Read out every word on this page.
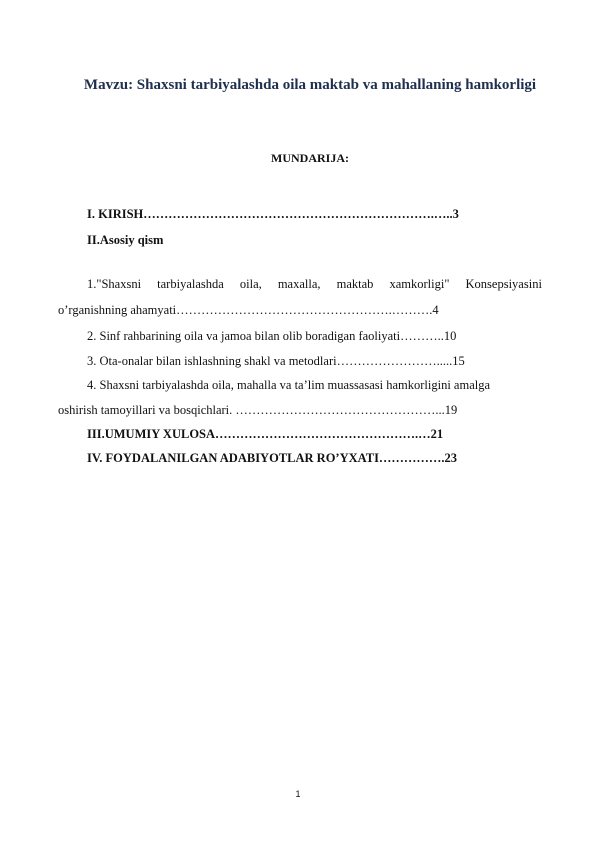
Mavzu: Shaxsni tarbiyalashda oila maktab va mahallaning hamkorligi
MUNDARIJA:
I. KIRISH…………………………………………………………….…..3
II.Asosiy qism
1."Shaxsni tarbiyalashda oila, maxalla, maktab xamkorligi" Konsepsiyasini
o’rganishning ahamyati…………………………………………….……….4
2. Sinf rahbarining oila va jamoa bilan olib boradigan faoliyati………..10
3. Ota-onalar bilan ishlashning shakl va metodlari…………………….....15
4. Shaxsni tarbiyalashda oila, mahalla va ta’lim muassasasi hamkorligini amalga
oshirish tamoyillari va bosqichlari. …………………………………………...19
III.UMUMIY XULOSA………………………………………….…21
IV. FOYDALANILGAN ADABIYOTLAR RO’YXATI…………….23
1
